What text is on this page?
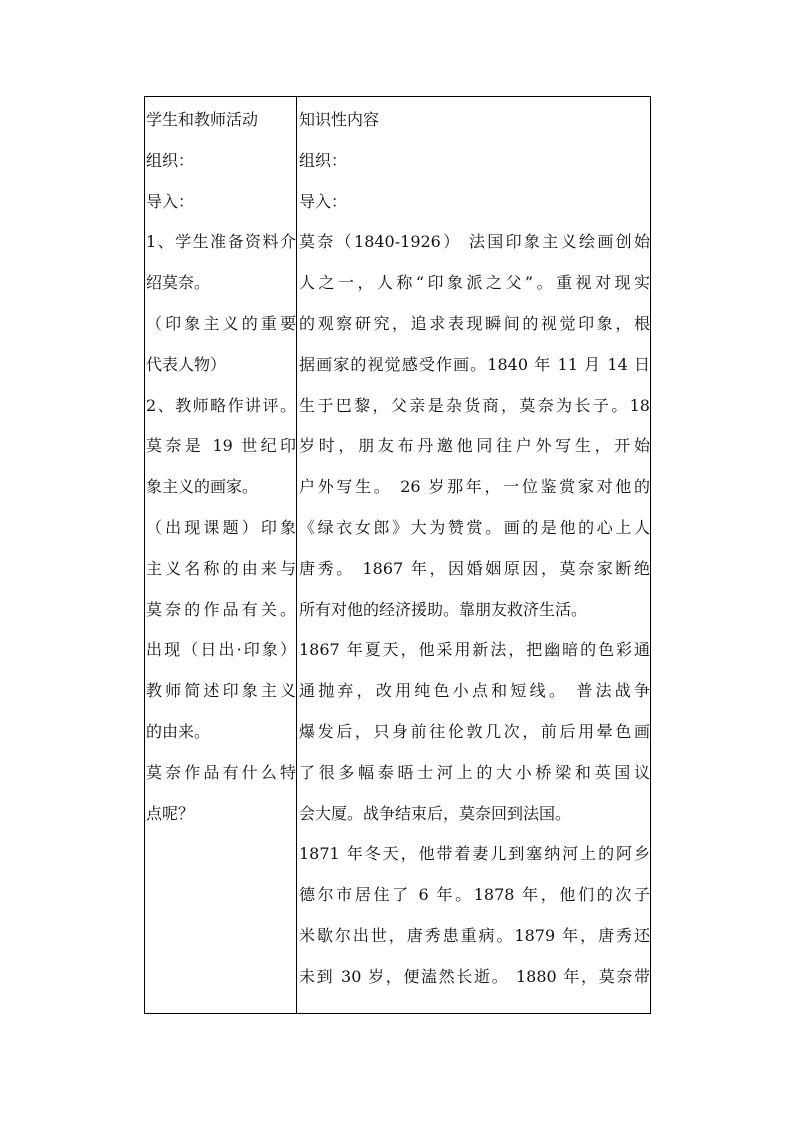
学生和教师活动
组织：
导入：
1、学生准备资料介
绍莫奈。
（印象主义的重要
代表人物）
2、教师略作讲评。
莫奈是 19 世纪印
象主义的画家。
（出现课题）印象
主义名称的由来与
莫奈的作品有关。
出现（日出·印象）
教师简述印象主义
的由来。
莫奈作品有什么特
点呢？
知识性内容
组织：
导入：
莫奈（1840-1926） 法国印象主义绘画创始
人之一，人称“印象派之父”。重视对现实
的观察研究，追求表现瞬间的视觉印象，根
据画家的视觉感受作画。1840 年 11 月 14 日
生于巴黎，父亲是杂货商，莫奈为长子。18
岁时，朋友布丹邀他同往户外写生，开始
户外写生。 26 岁那年，一位鉴赏家对他的
《绿衣女郎》大为赞赏。画的是他的心上人
唐秀。 1867 年，因婚姻原因，莫奈家断绝
所有对他的经济援助。靠朋友救济生活。
1867 年夏天，他采用新法，把幽暗的色彩通
通抛弃，改用纯色小点和短线。 普法战争
爆发后，只身前往伦敦几次，前后用晕色画
了很多幅泰晤士河上的大小桥梁和英国议
会大厦。战争结束后，莫奈回到法国。
1871 年冬天，他带着妻儿到塞纳河上的阿乡
德尔市居住了 6 年。1878 年，他们的次子
米歇尔出世，唐秀患重病。1879 年，唐秀还
未到 30 岁，便溘然长逝。 1880 年，莫奈带
